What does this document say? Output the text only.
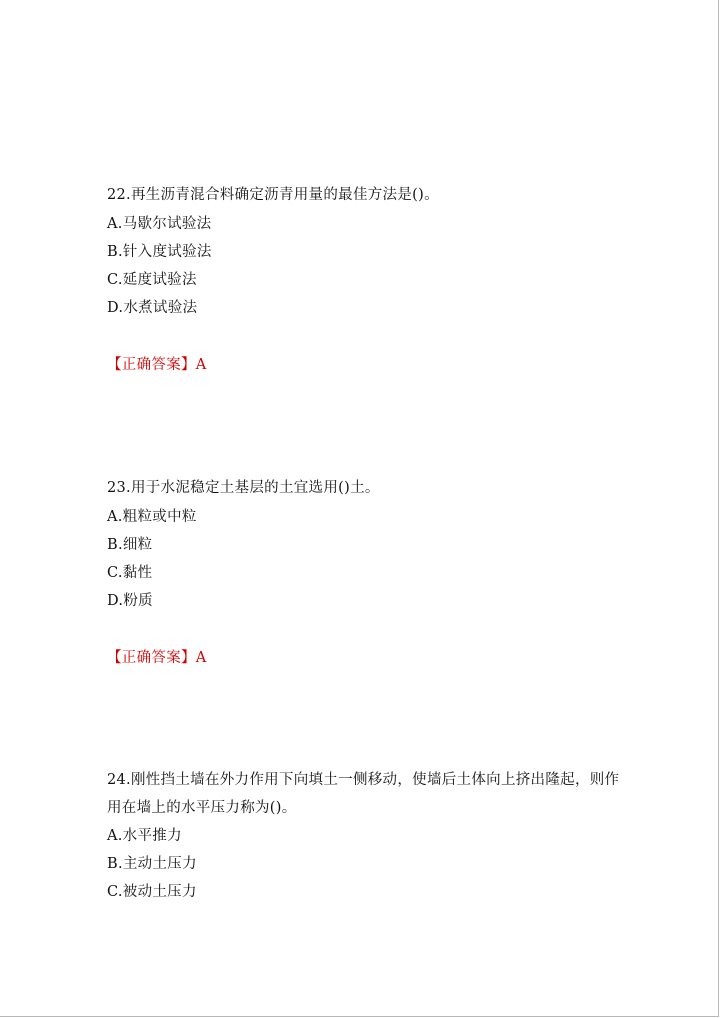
22.再生沥青混合料确定沥青用量的最佳方法是()。
A.马歇尔试验法
B.针入度试验法
C.延度试验法
D.水煮试验法
【正确答案】A
23.用于水泥稳定土基层的土宜选用()土。
A.粗粒或中粒
B.细粒
C.黏性
D.粉质
【正确答案】A
24.刚性挡土墙在外力作用下向填土一侧移动，使墙后土体向上挤出隆起，则作
用在墙上的水平压力称为()。
A.水平推力
B.主动土压力
C.被动土压力
